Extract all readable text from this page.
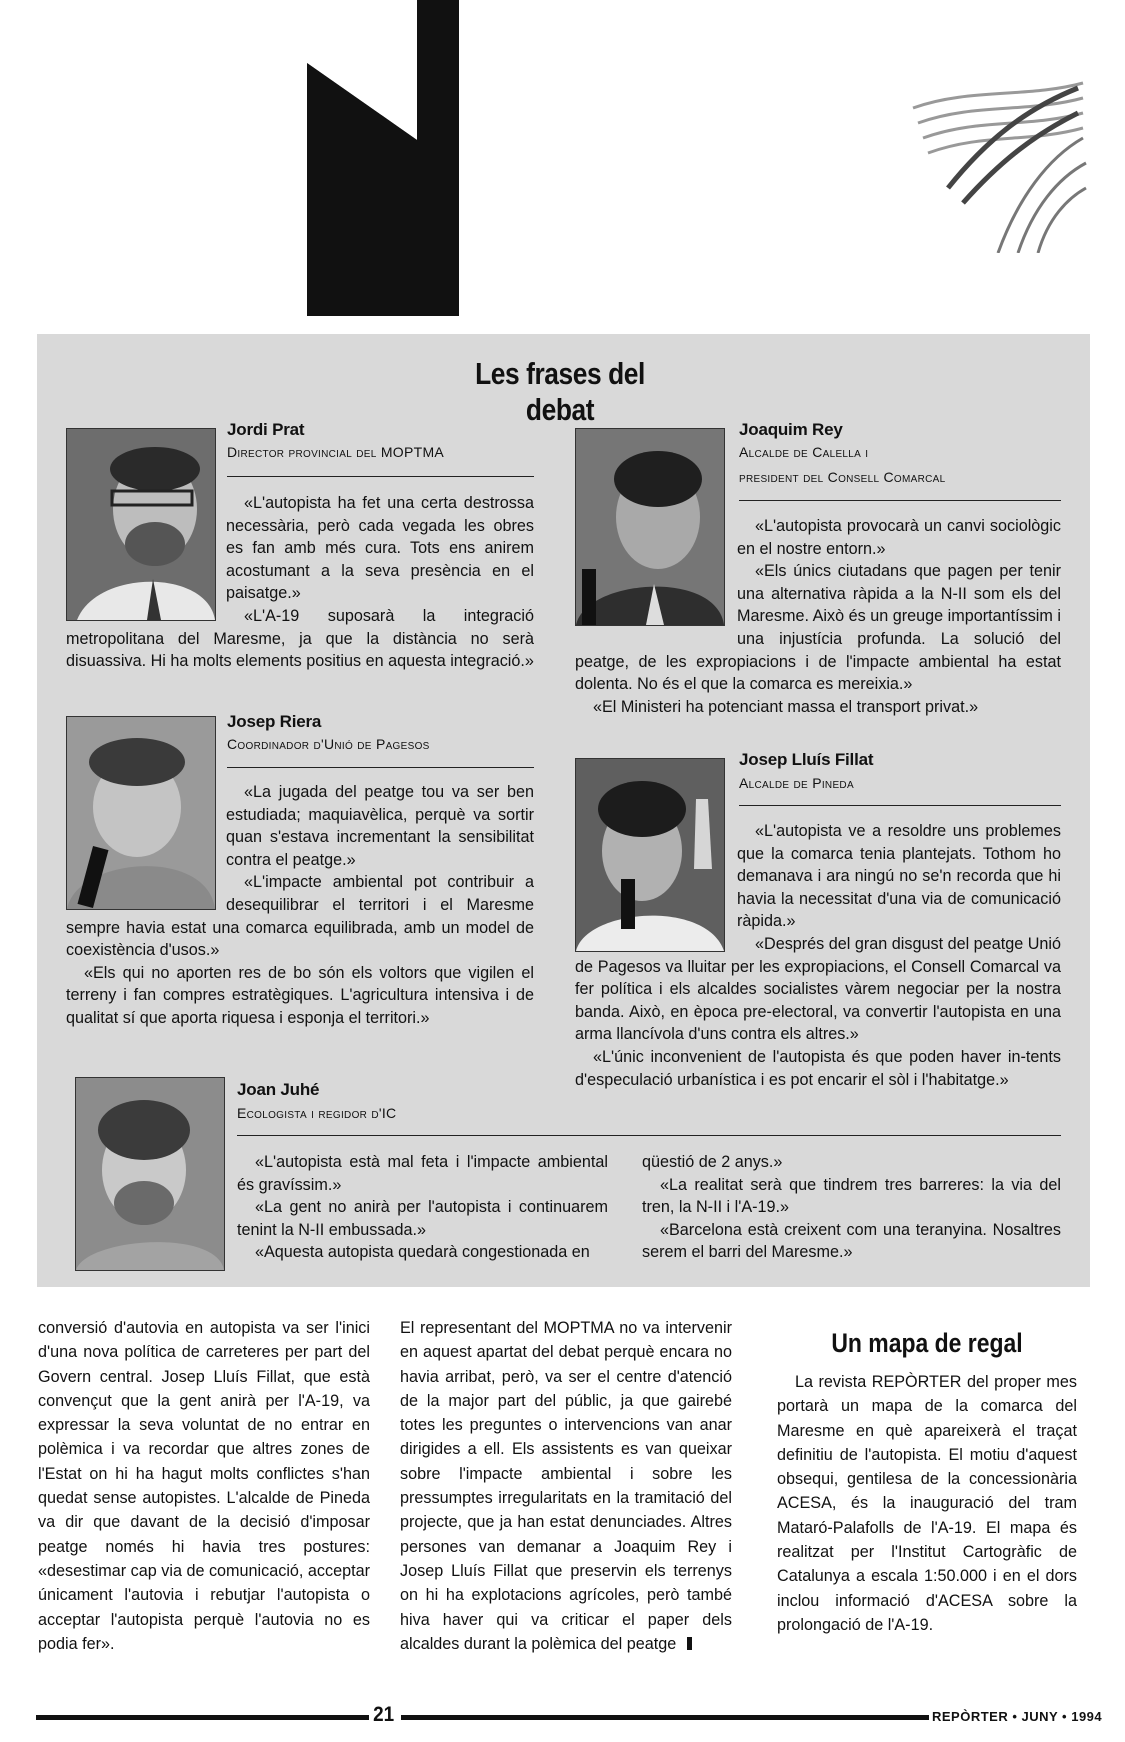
Les frases del debat
Jordi Prat
Director provincial del MOPTMA

«L'autopista ha fet una certa destrossa necessària, però cada vegada les obres es fan amb més cura. Tots ens anirem acostumant a la seva presència en el paisatge.»

«L'A-19 suposarà la integració metropolitana del Maresme, ja que la distància no serà disuassiva. Hi ha molts elements positius en aquesta integració.»

Joaquim Rey
Alcalde de Calella i
president del Consell Comarcal

«L'autopista provocarà un canvi sociològic en el nostre entorn.»

«Els únics ciutadans que pagen per tenir una alternativa ràpida a la N-II som els del Maresme. Això és un greuge importantíssim i una injustícia profunda. La solució del peatge, de les expropiacions i de l'impacte ambiental ha estat dolenta. No és el que la comarca es mereixia.»

«El Ministeri ha potenciant massa el transport privat.»

Josep Riera
Coordinador d'Unió de Pagesos

«La jugada del peatge tou va ser ben estudiada; maquiavèlica, perquè va sortir quan s'estava incrementant la sensibilitat contra el peatge.»

«L'impacte ambiental pot contribuir a desequilibrar el territori i el Maresme sempre havia estat una comarca equilibrada, amb un model de coexistència d'usos.»

«Els qui no aporten res de bo són els voltors que vigilen el terreny i fan compres estratègiques. L'agricultura intensiva i de qualitat sí que aporta riquesa i esponja el territori.»

Josep Lluís Fillat
Alcalde de Pineda

«L'autopista ve a resoldre uns problemes que la comarca tenia plantejats. Tothom ho demanava i ara ningú no se'n recorda que hi havia la necessitat d'una via de comunicació ràpida.»

«Després del gran disgust del peatge Unió de Pagesos va lluitar per les expropiacions, el Consell Comarcal va fer política i els alcaldes socialistes vàrem negociar per la nostra banda. Això, en època pre-electoral, va convertir l'autopista en una arma llancívola d'uns contra els altres.»

«L'únic inconvenient de l'autopista és que poden haver in-tents d'especulació urbanística i es pot encarir el sòl i l'habitatge.»

Joan Juhé
Ecologista i regidor d'IC

«L'autopista està mal feta i l'impacte ambiental és gravíssim.»

«La gent no anirà per l'autopista i continuarem tenint la N-II embussada.»

«Aquesta autopista quedarà congestionada en

qüestió de 2 anys.»

«La realitat serà que tindrem tres barreres: la via del tren, la N-II i l'A-19.»

«Barcelona està creixent com una teranyina. Nosaltres serem el barri del Maresme.»

conversió d'autovia en autopista va ser l'inici d'una nova política de carreteres per part del Govern central. Josep Lluís Fillat, que està convençut que la gent anirà per l'A-19, va expressar la seva voluntat de no entrar en polèmica i va recordar que altres zones de l'Estat on hi ha hagut molts conflictes s'han quedat sense autopistes. L'alcalde de Pineda va dir que davant de la decisió d'imposar peatge només hi havia tres postures: «desestimar cap via de comunicació, acceptar únicament l'autovia i rebutjar l'autopista o acceptar l'autopista perquè l'autovia no es podia fer».
El representant del MOPTMA no va intervenir en aquest apartat del debat perquè encara no havia arribat, però, va ser el centre d'atenció de la major part del públic, ja que gairebé totes les preguntes o intervencions van anar dirigides a ell. Els assistents es van queixar sobre l'impacte ambiental i sobre les pressumptes irregularitats en la tramitació del projecte, que ja han estat denunciades. Altres persones van demanar a Joaquim Rey i Josep Lluís Fillat que preservin els terrenys on hi ha explotacions agrícoles, però també hiva haver qui va criticar el paper dels alcaldes durant la polèmica del peatge
Un mapa de regal
La revista REPÒRTER del proper mes portarà un mapa de la comarca del Maresme en què apareixerà el traçat definitiu de l'autopista. El motiu d'aquest obsequi, gentilesa de la concessionària ACESA, és la inauguració del tram Mataró-Palafolls de l'A-19. El mapa és realitzat per l'Institut Cartogràfic de Catalunya a escala 1:50.000 i en el dors inclou informació d'ACESA sobre la prolongació de l'A-19.
21	REPÒRTER • JUNY • 1994
